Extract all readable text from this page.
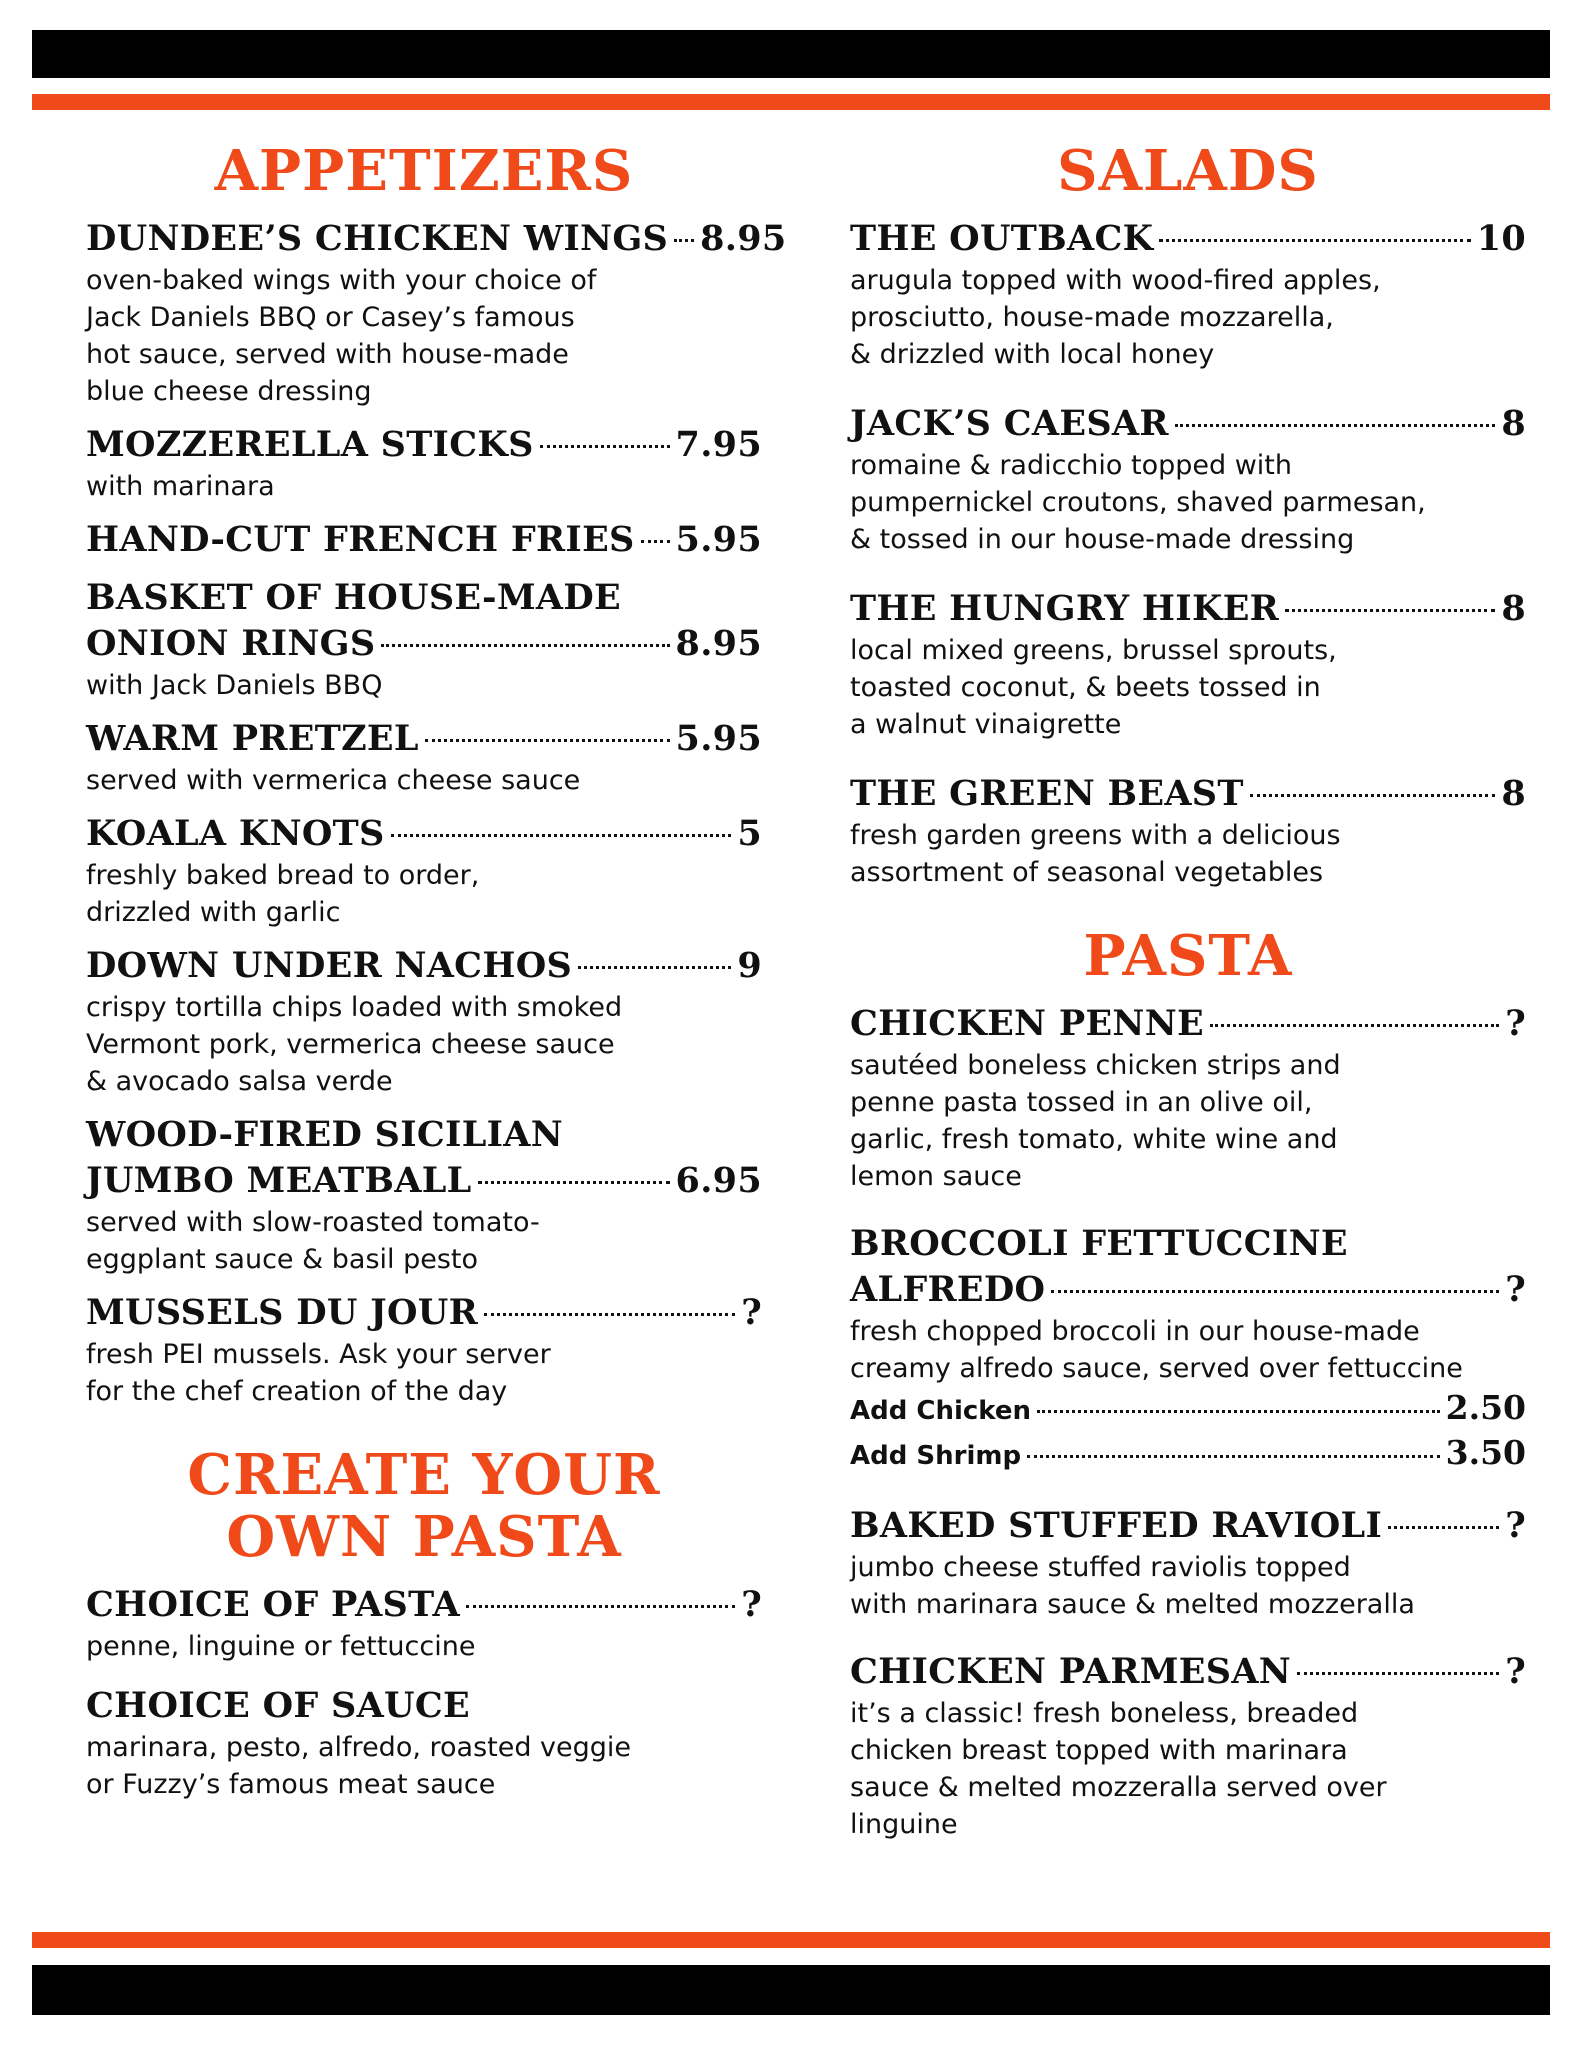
APPETIZERS
DUNDEE’S CHICKEN WINGS 8.95

oven-baked wings with your choice of

Jack Daniels BBQ or Casey’s famous

hot sauce, served with house-made

blue cheese dressing

MOZZERELLA STICKS	7.95

with marinara

HAND-CUT FRENCH FRIES 5.95
BASKET OF HOUSE-MADE
ONION RINGS	8.95

with Jack Daniels BBQ

WARM PRETZEL	5.95

served with vermerica cheese sauce

KOALA KNOTS	5

freshly baked bread to order,

drizzled with garlic

DOWN UNDER NACHOS	9

crispy tortilla chips loaded with smoked

Vermont pork, vermerica cheese sauce

& avocado salsa verde

WOOD-FIRED SICILIAN
JUMBO MEATBALL	6.95

served with slow-roasted tomato-

eggplant sauce & basil pesto

MUSSELS DU JOUR	?

fresh PEI mussels. Ask your server

for the chef creation of the day

CREATE YOUR
OWN PASTA
CHOICE OF PASTA	?

penne, linguine or fettuccine

CHOICE OF SAUCE

marinara, pesto, alfredo, roasted veggie

or Fuzzy’s famous meat sauce

SALADS
THE OUTBACK	10

arugula topped with wood-fired apples,

prosciutto, house-made mozzarella,

& drizzled with local honey

JACK’S CAESAR	8

romaine & radicchio topped with

pumpernickel croutons, shaved parmesan,

& tossed in our house-made dressing

THE HUNGRY HIKER	8

local mixed greens, brussel sprouts,

toasted coconut, & beets tossed in

a walnut vinaigrette

THE GREEN BEAST	8

fresh garden greens with a delicious

assortment of seasonal vegetables

PASTA
CHICKEN PENNE	?

sautéed boneless chicken strips and

penne pasta tossed in an olive oil,

garlic, fresh tomato, white wine and

lemon sauce

BROCCOLI FETTUCCINE
ALFREDO	?

fresh chopped broccoli in our house-made

creamy alfredo sauce, served over fettuccine

Add Chicken	2.50
Add Shrimp	3.50
BAKED STUFFED RAVIOLI	?

jumbo cheese stuffed raviolis topped

with marinara sauce & melted mozzeralla

CHICKEN PARMESAN	?

it’s a classic! fresh boneless, breaded

chicken breast topped with marinara

sauce & melted mozzeralla served over

linguine
